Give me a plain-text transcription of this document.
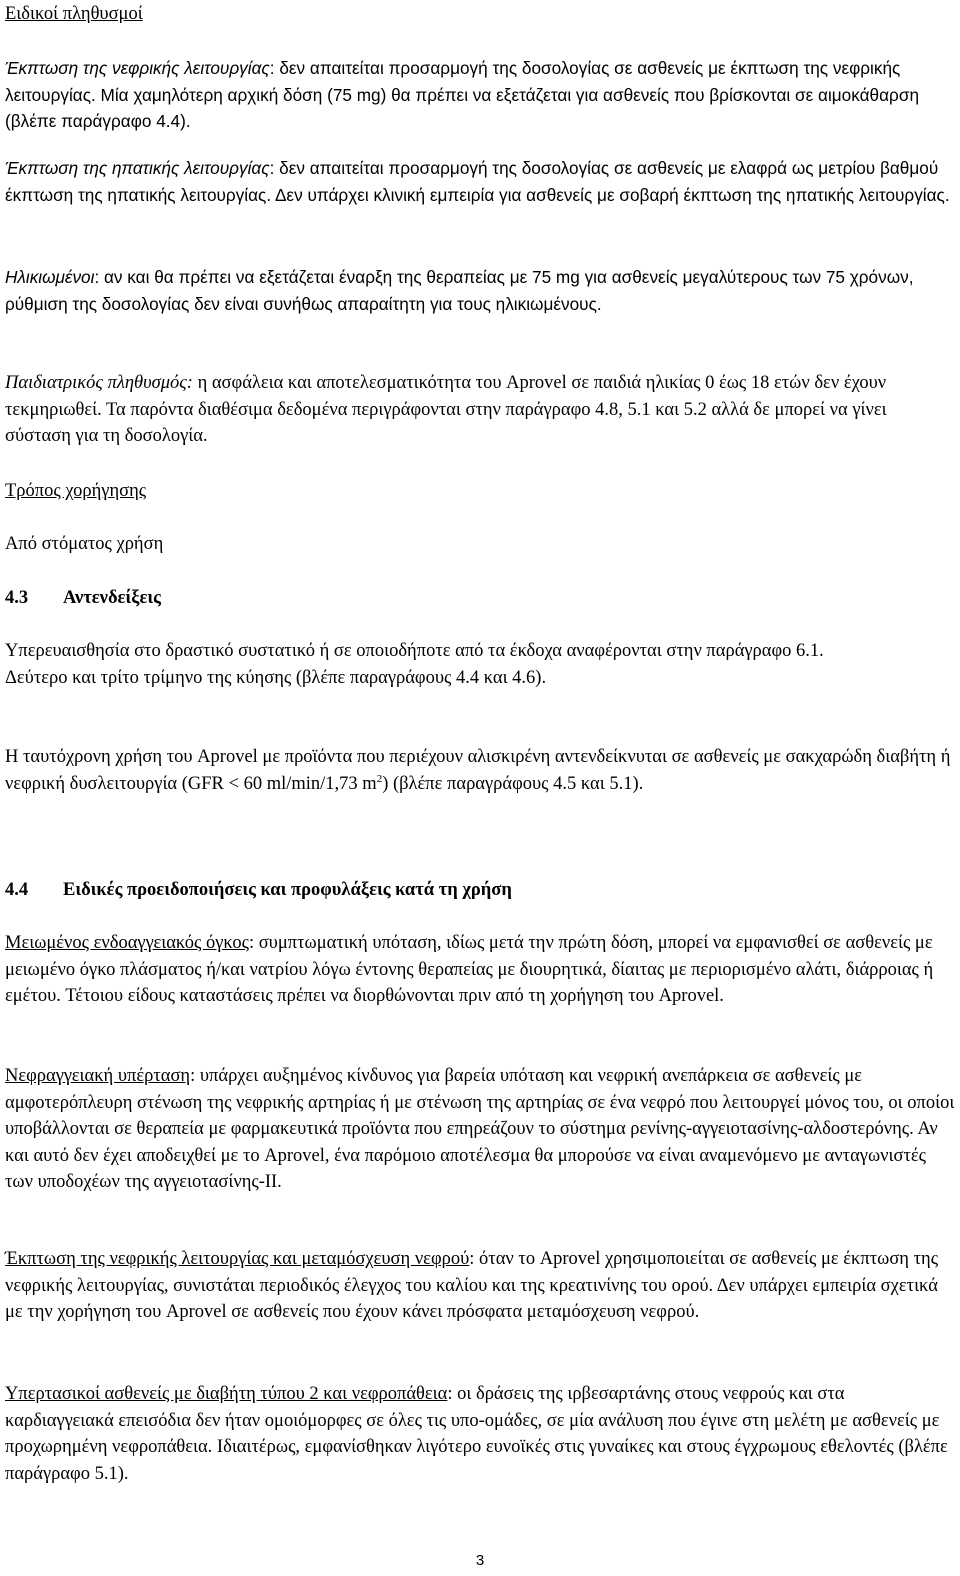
Ειδικοί πληθυσμοί

Έκπτωση της νεφρικής λειτουργίας: δεν απαιτείται προσαρμογή της δοσολογίας σε ασθενείς με έκπτωση της νεφρικής λειτουργίας. Μία χαμηλότερη αρχική δόση (75 mg) θα πρέπει να εξετάζεται για ασθενείς που βρίσκονται σε αιμοκάθαρση (βλέπε παράγραφο 4.4).

Έκπτωση της ηπατικής λειτουργίας: δεν απαιτείται προσαρμογή της δοσολογίας σε ασθενείς με ελαφρά ως μετρίου βαθμού έκπτωση της ηπατικής λειτουργίας. Δεν υπάρχει κλινική εμπειρία για ασθενείς με σοβαρή έκπτωση της ηπατικής λειτουργίας.

Ηλικιωμένοι: αν και θα πρέπει να εξετάζεται έναρξη της θεραπείας με 75 mg για ασθενείς μεγαλύτερους των 75 χρόνων, ρύθμιση της δοσολογίας δεν είναι συνήθως απαραίτητη για τους ηλικιωμένους.

Παιδιατρικός πληθυσμός: η ασφάλεια και αποτελεσματικότητα του Aprovel σε παιδιά ηλικίας 0 έως 18 ετών δεν έχουν τεκμηριωθεί. Τα παρόντα διαθέσιμα δεδομένα περιγράφονται στην παράγραφο 4.8, 5.1 και 5.2 αλλά δε μπορεί να γίνει σύσταση για τη δοσολογία.

Τρόπος χορήγησης

Από στόματος χρήση

4.3 Αντενδείξεις

Υπερευαισθησία στο δραστικό συστατικό ή σε οποιοδήποτε από τα έκδοχα αναφέρονται στην παράγραφο 6.1.
Δεύτερο και τρίτο τρίμηνο της κύησης (βλέπε παραγράφους 4.4 και 4.6).

Η ταυτόχρονη χρήση του Aprovel με προϊόντα που περιέχουν αλισκιρένη αντενδείκνυται σε ασθενείς με σακχαρώδη διαβήτη ή νεφρική δυσλειτουργία (GFR < 60 ml/min/1,73 $m^2$) (βλέπε παραγράφους 4.5 και 5.1).

4.4 Ειδικές προειδοποιήσεις και προφυλάξεις κατά τη χρήση

Μειωμένος ενδοαγγειακός όγκος: συμπτωματική υπόταση, ιδίως μετά την πρώτη δόση, μπορεί να εμφανισθεί σε ασθενείς με μειωμένο όγκο πλάσματος ή/και νατρίου λόγω έντονης θεραπείας με διουρητικά, δίαιτας με περιορισμένο αλάτι, διάρροιας ή εμέτου. Τέτοιου είδους καταστάσεις πρέπει να διορθώνονται πριν από τη χορήγηση του Aprovel.

Νεφραγγειακή υπέρταση: υπάρχει αυξημένος κίνδυνος για βαρεία υπόταση και νεφρική ανεπάρκεια σε ασθενείς με αμφοτερόπλευρη στένωση της νεφρικής αρτηρίας ή με στένωση της αρτηρίας σε ένα νεφρό που λειτουργεί μόνος του, οι οποίοι υποβάλλονται σε θεραπεία με φαρμακευτικά προϊόντα που επηρεάζουν το σύστημα ρενίνης-αγγειοτασίνης-αλδοστερόνης. Αν και αυτό δεν έχει αποδειχθεί με το Aprovel, ένα παρόμοιο αποτέλεσμα θα μπορούσε να είναι αναμενόμενο με ανταγωνιστές των υποδοχέων της αγγειοτασίνης-ΙΙ.

Έκπτωση της νεφρικής λειτουργίας και μεταμόσχευση νεφρού: όταν το Aprovel χρησιμοποιείται σε ασθενείς με έκπτωση της νεφρικής λειτουργίας, συνιστάται περιοδικός έλεγχος του καλίου και της κρεατινίνης του ορού. Δεν υπάρχει εμπειρία σχετικά με την χορήγηση του Aprovel σε ασθενείς που έχουν κάνει πρόσφατα μεταμόσχευση νεφρού.

Υπερτασικοί ασθενείς με διαβήτη τύπου 2 και νεφροπάθεια: οι δράσεις της ιρβεσαρτάνης στους νεφρούς και στα καρδιαγγειακά επεισόδια δεν ήταν ομοιόμορφες σε όλες τις υπο-ομάδες, σε μία ανάλυση που έγινε στη μελέτη με ασθενείς με προχωρημένη νεφροπάθεια. Ιδιαιτέρως, εμφανίσθηκαν λιγότερο ευνοϊκές στις γυναίκες και στους έγχρωμους εθελοντές (βλέπε παράγραφο 5.1).

3
